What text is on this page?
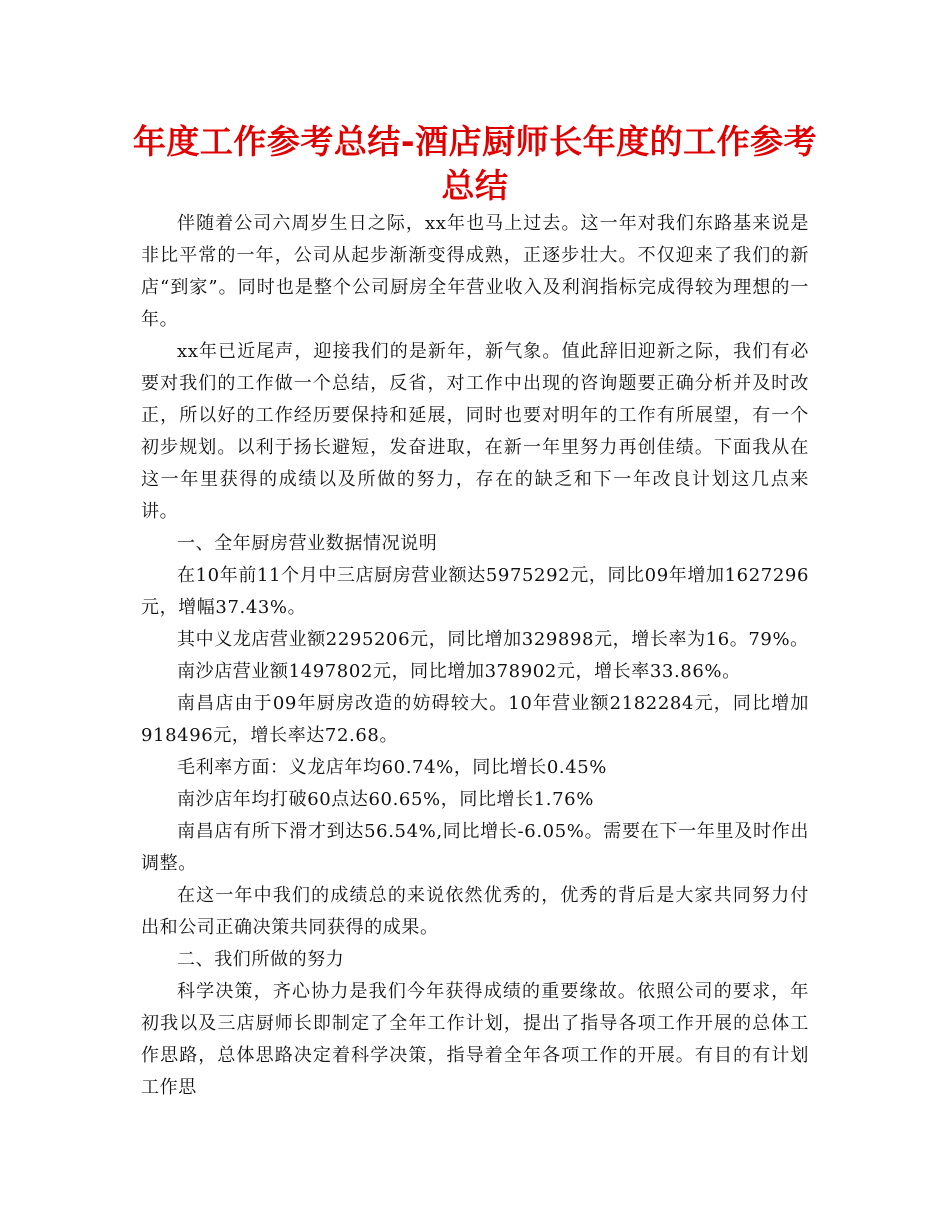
年度工作参考总结-酒店厨师长年度的工作参考总结

伴随着公司六周岁生日之际，xx年也马上过去。这一年对我们东路基来说是非比平常的一年，公司从起步渐渐变得成熟，正逐步壮大。不仅迎来了我们的新店“到家”。同时也是整个公司厨房全年营业收入及利润指标完成得较为理想的一年。

xx年已近尾声，迎接我们的是新年，新气象。值此辞旧迎新之际，我们有必要对我们的工作做一个总结，反省，对工作中出现的咨询题要正确分析并及时改正，所以好的工作经历要保持和延展，同时也要对明年的工作有所展望，有一个初步规划。以利于扬长避短，发奋进取，在新一年里努力再创佳绩。下面我从在这一年里获得的成绩以及所做的努力，存在的缺乏和下一年改良计划这几点来讲。

一、全年厨房营业数据情况说明

在10年前11个月中三店厨房营业额达5975292元，同比09年增加1627296元，增幅37.43%。

其中义龙店营业额2295206元，同比增加329898元，增长率为16。79%。

南沙店营业额1497802元，同比增加378902元，增长率33.86%。

南昌店由于09年厨房改造的妨碍较大。10年营业额2182284元，同比增加918496元，增长率达72.68。

毛利率方面：义龙店年均60.74%，同比增长0.45%

南沙店年均打破60点达60.65%，同比增长1.76%

南昌店有所下滑才到达56.54%,同比增长-6.05%。需要在下一年里及时作出调整。

在这一年中我们的成绩总的来说依然优秀的，优秀的背后是大家共同努力付出和公司正确决策共同获得的成果。

二、我们所做的努力

科学决策，齐心协力是我们今年获得成绩的重要缘故。依照公司的要求，年初我以及三店厨师长即制定了全年工作计划，提出了指导各项工作开展的总体工作思路，总体思路决定着科学决策，指导着全年各项工作的开展。有目的有计划工作思
